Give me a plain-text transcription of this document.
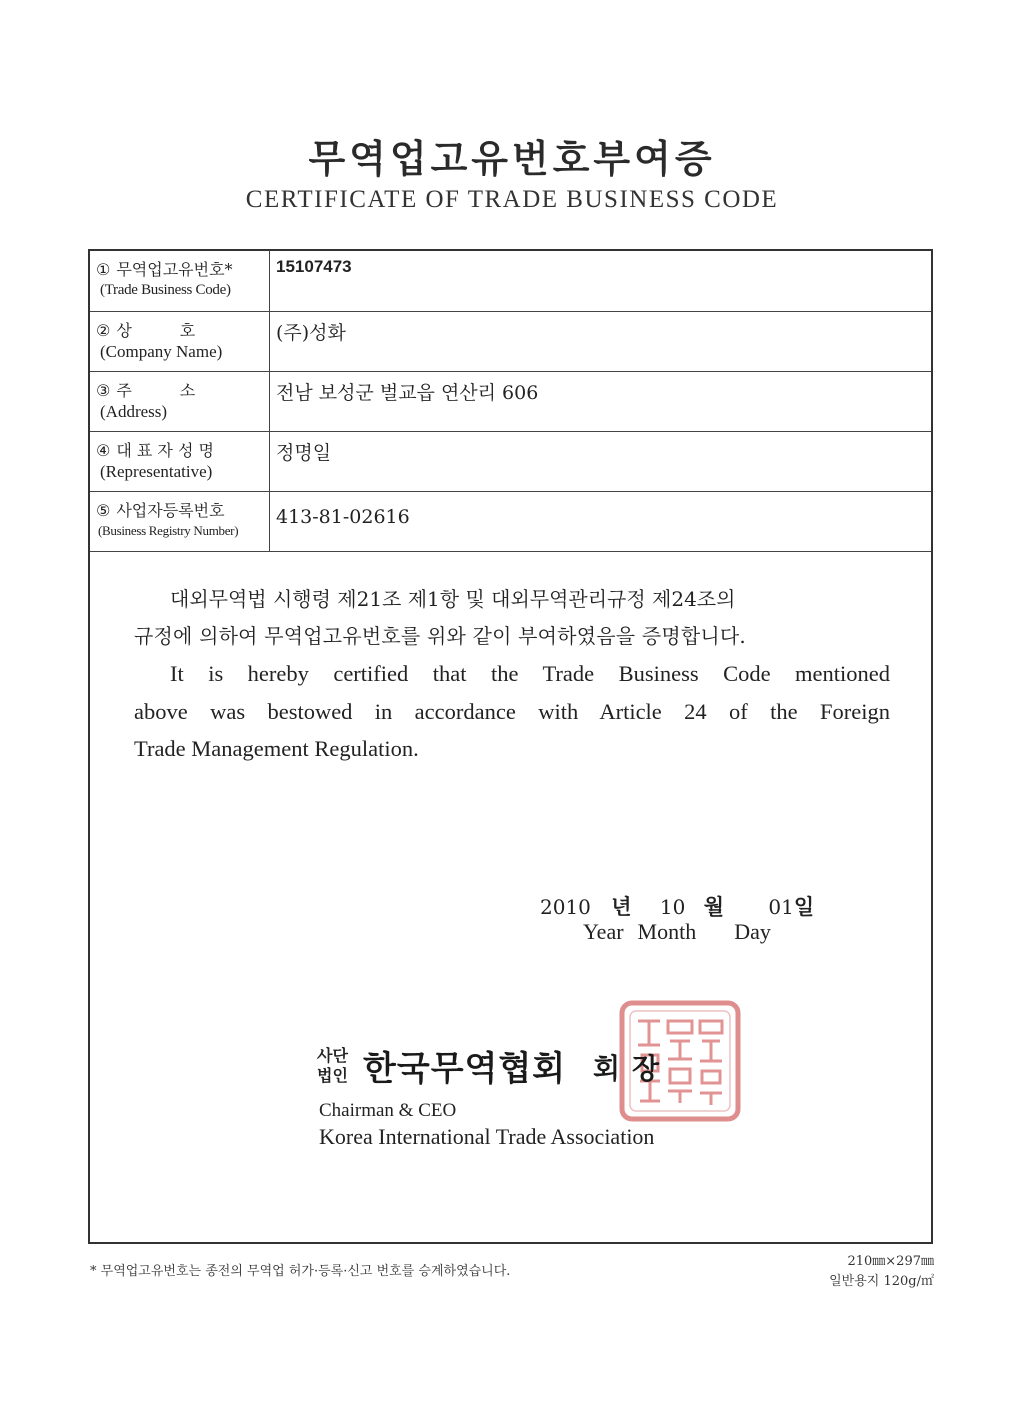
무역업고유번호부여증
CERTIFICATE OF TRADE BUSINESS CODE
① 무역업고유번호*
(Trade Business Code)
15107473
② 상　　　호
(Company Name)
(주)성화
③ 주　　　소
(Address)
전남 보성군 벌교읍 연산리 606
④ 대 표 자 성 명
(Representative)
정명일
⑤ 사업자등록번호
(Business Registry Number)
413-81-02616
대외무역법 시행령 제21조 제1항 및 대외무역관리규정 제24조의
규정에 의하여 무역업고유번호를 위와 같이 부여하였음을 증명합니다.
It is hereby certified that the Trade Business Code mentioned
above was bestowed in accordance with Article 24 of the Foreign
Trade Management Regulation.
2010 년 10 월 01일
Year Month Day
사단
법인 한국무역협회 회장
Chairman & CEO
Korea International Trade Association
* 무역업고유번호는 종전의 무역업 허가·등록·신고 번호를 승계하였습니다.
210㎜×297㎜
일반용지 120g/㎡
